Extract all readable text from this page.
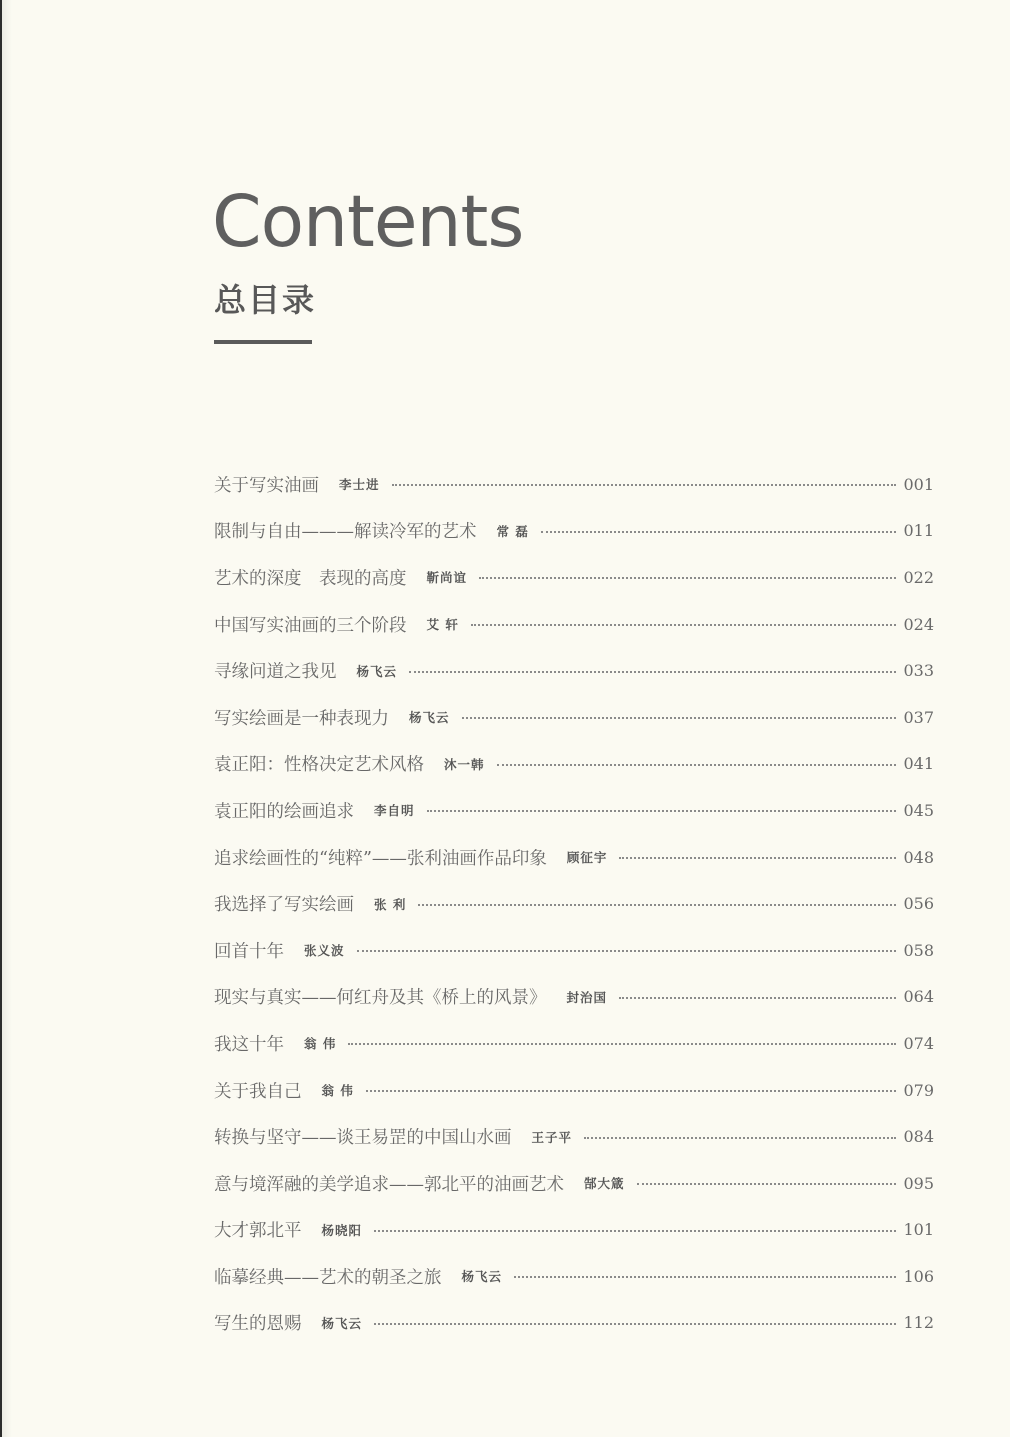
Contents
总目录
关于写实油画 李士进	001
限制与自由———解读冷军的艺术 常 磊	011
艺术的深度　表现的高度 靳尚谊	022
中国写实油画的三个阶段 艾 轩	024
寻缘问道之我见 杨飞云	033
写实绘画是一种表现力 杨飞云	037
袁正阳：性格决定艺术风格 沐一韩	041
袁正阳的绘画追求 李自明	045
追求绘画性的“纯粹”——张利油画作品印象 顾征宇	048
我选择了写实绘画 张 利	056
回首十年 张义波	058
现实与真实——何红舟及其《桥上的风景》 封治国	064
我这十年 翁 伟	074
关于我自己 翁 伟	079
转换与坚守——谈王易罡的中国山水画 王子平	084
意与境浑融的美学追求——郭北平的油画艺术 郜大箴	095
大才郭北平 杨晓阳	101
临摹经典——艺术的朝圣之旅 杨飞云	106
写生的恩赐 杨飞云	112
